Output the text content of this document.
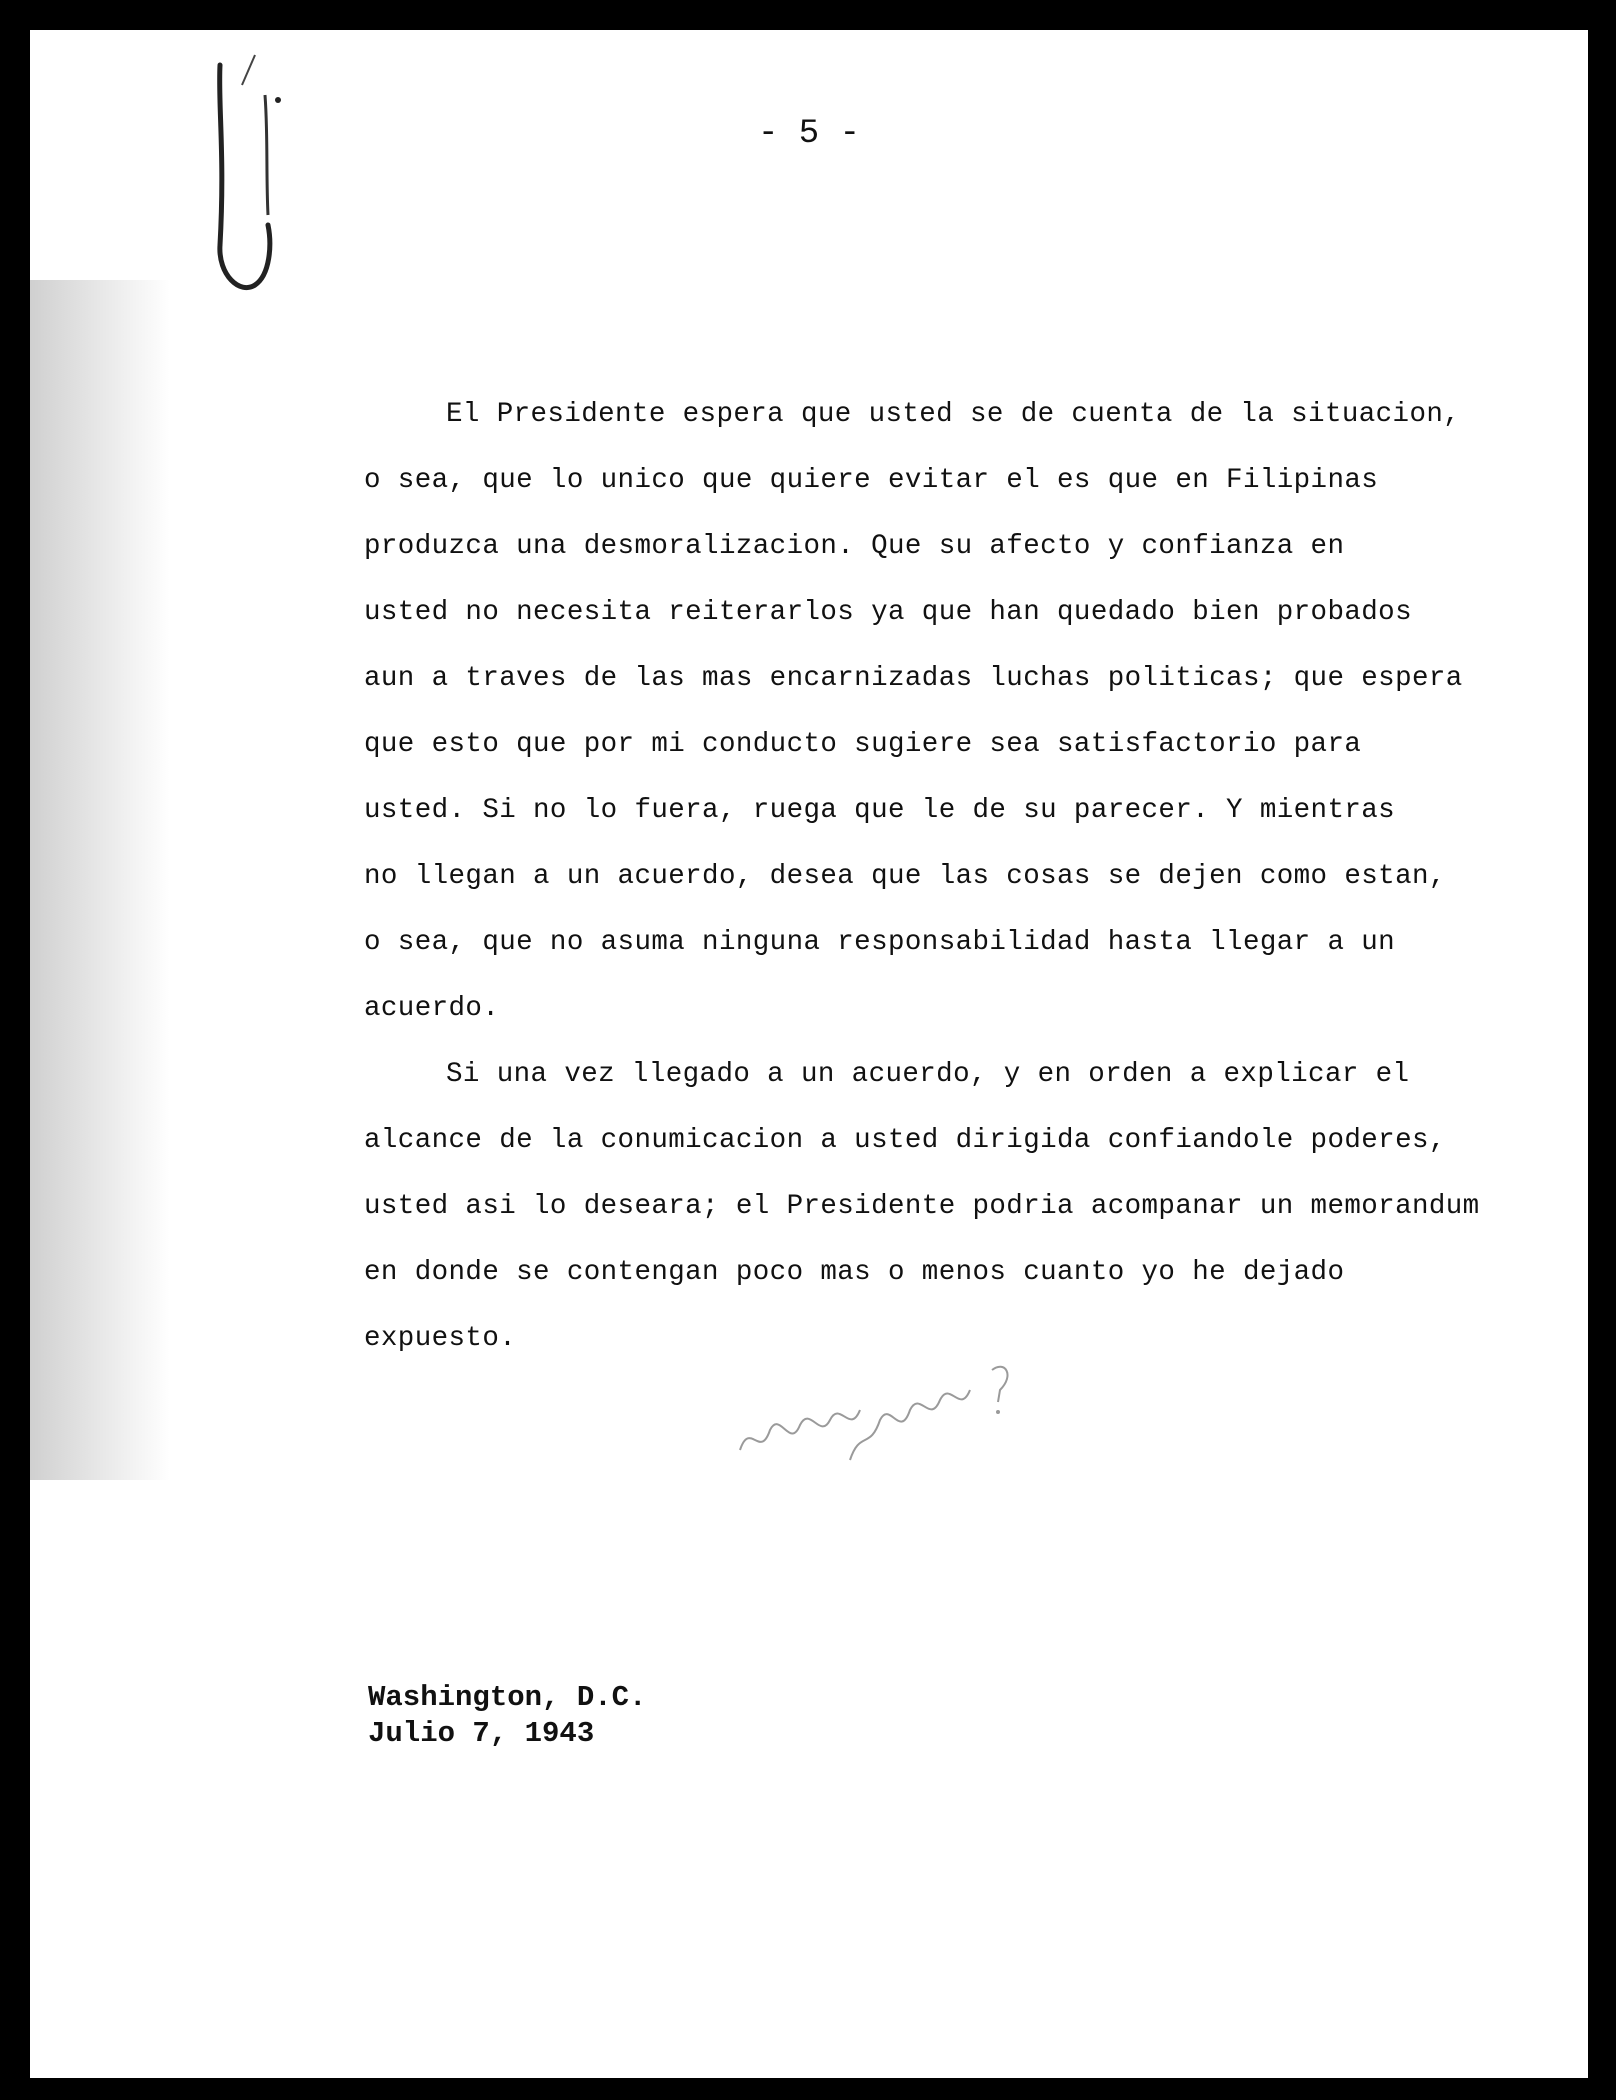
- 5 -
El Presidente espera que usted se de cuenta de la situacion,
o sea, que lo unico que quiere evitar el es que en Filipinas
produzca una desmoralizacion. Que su afecto y confianza en
usted no necesita reiterarlos ya que han quedado bien probados
aun a traves de las mas encarnizadas luchas politicas; que espera
que esto que por mi conducto sugiere sea satisfactorio para
usted. Si no lo fuera, ruega que le de su parecer. Y mientras
no llegan a un acuerdo, desea que las cosas se dejen como estan,
o sea, que no asuma ninguna responsabilidad hasta llegar a un
acuerdo.
Si una vez llegado a un acuerdo, y en orden a explicar el
alcance de la conumicacion a usted dirigida confiandole poderes,
usted asi lo deseara; el Presidente podria acompanar un memorandum
en donde se contengan poco mas o menos cuanto yo he dejado
expuesto.
Washington, D.C.
Julio 7, 1943
